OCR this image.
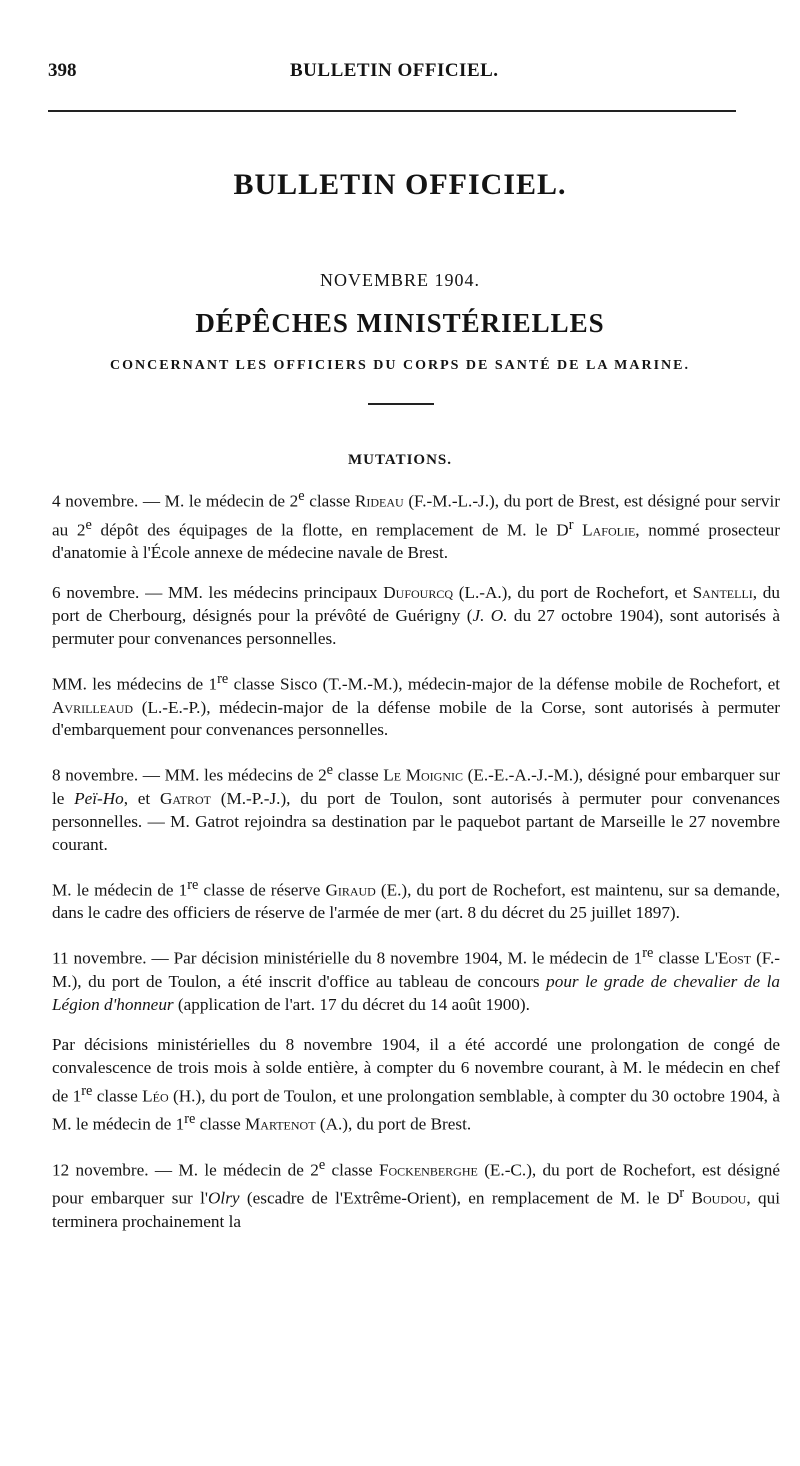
398	BULLETIN OFFICIEL.
BULLETIN OFFICIEL.
NOVEMBRE 1904.
DÉPÊCHES MINISTÉRIELLES
CONCERNANT LES OFFICIERS DU CORPS DE SANTÉ DE LA MARINE.
MUTATIONS.

4 novembre. — M. le médecin de 2e classe Rideau (F.-M.-L.-J.), du port de Brest, est désigné pour servir au 2e dépôt des équipages de la flotte, en remplacement de M. le $D^r$ Lafolie, nommé prosecteur d'anatomie à l'École annexe de médecine navale de Brest.

6 novembre. — MM. les médecins principaux Dufourcq (L.-A.), du port de Rochefort, et Santelli, du port de Cherbourg, désignés pour la prévôté de Guérigny (J. O. du 27 octobre 1904), sont autorisés à permuter pour convenances personnelles.

MM. les médecins de 1re classe Sisco (T.-M.-M.), médecin-major de la défense mobile de Rochefort, et Avrilleaud (L.-E.-P.), médecin-major de la défense mobile de la Corse, sont autorisés à permuter d'embarquement pour convenances personnelles.

8 novembre. — MM. les médecins de 2e classe Le Moignic (E.-E.-A.-J.-M.), désigné pour embarquer sur le Peï-Ho, et Gatrot (M.-P.-J.), du port de Toulon, sont autorisés à permuter pour convenances personnelles. — M. Gatrot rejoindra sa destination par le paquebot partant de Marseille le 27 novembre courant.

M. le médecin de 1re classe de réserve Giraud (E.), du port de Rochefort, est maintenu, sur sa demande, dans le cadre des officiers de réserve de l'armée de mer (art. 8 du décret du 25 juillet 1897).

11 novembre. — Par décision ministérielle du 8 novembre 1904, M. le médecin de 1re classe L'Eost (F.-M.), du port de Toulon, a été inscrit d'office au tableau de concours pour le grade de chevalier de la Légion d'honneur (application de l'art. 17 du décret du 14 août 1900).

Par décisions ministérielles du 8 novembre 1904, il a été accordé une prolongation de congé de convalescence de trois mois à solde entière, à compter du 6 novembre courant, à M. le médecin en chef de 1re classe Léo (H.), du port de Toulon, et une prolongation semblable, à compter du 30 octobre 1904, à M. le médecin de 1re classe Martenot (A.), du port de Brest.

12 novembre. — M. le médecin de 2e classe Fockenberghe (E.-C.), du port de Rochefort, est désigné pour embarquer sur l'Olry (escadre de l'Extrême-Orient), en remplacement de M. le $D^r$ Boudou, qui terminera prochainement la
